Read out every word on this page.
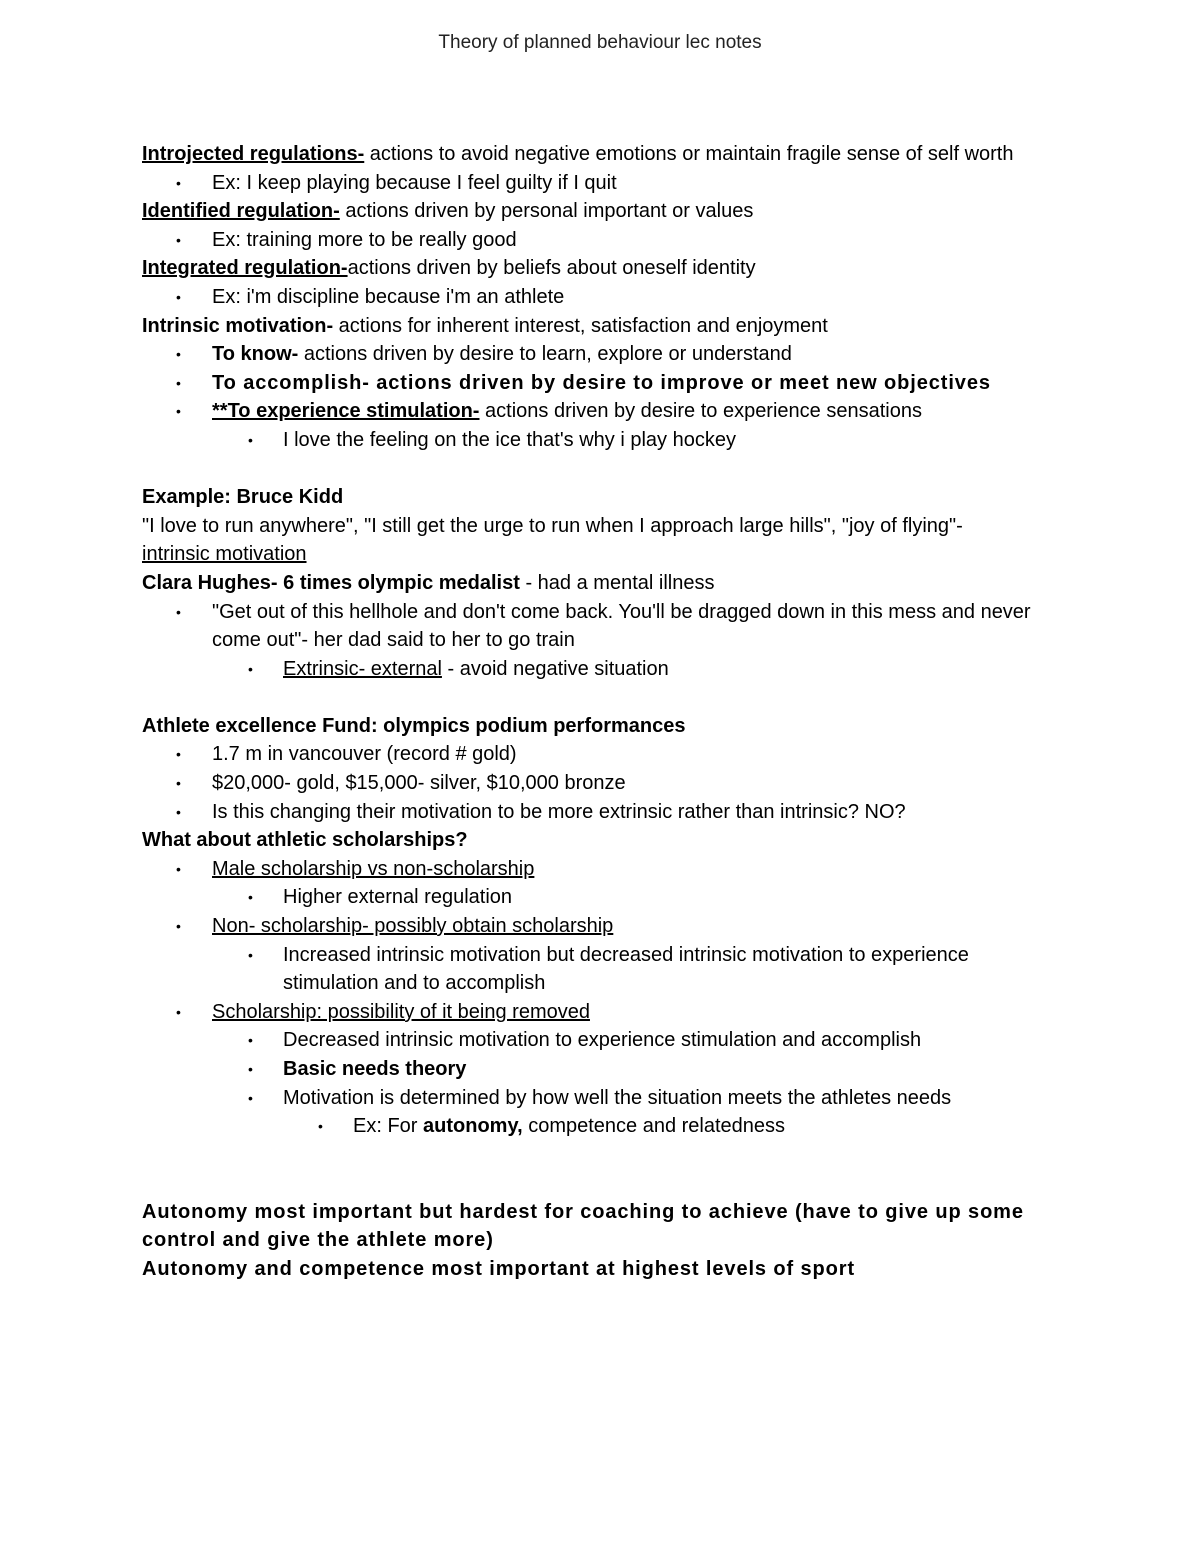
Theory of planned behaviour lec notes
Introjected regulations- actions to avoid negative emotions or maintain fragile sense of self worth
• Ex: I keep playing because I feel guilty if I quit
Identified regulation- actions driven by personal important or values
• Ex: training more to be really good
Integrated regulation-actions driven by beliefs about oneself identity
• Ex: i'm discipline because i'm an athlete
Intrinsic motivation- actions for inherent interest, satisfaction and enjoyment
• To know- actions driven by desire to learn, explore or understand
• To accomplish- actions driven by desire to improve or meet new objectives
• **To experience stimulation- actions driven by desire to experience sensations
• I love the feeling on the ice that's why i play hockey
Example: Bruce Kidd
"I love to run anywhere", "I still get the urge to run when I approach large hills", "joy of flying"-
intrinsic motivation
Clara Hughes- 6 times olympic medalist - had a mental illness
• "Get out of this hellhole and don't come back. You'll be dragged down in this mess and never come out"- her dad said to her to go train
• Extrinsic- external - avoid negative situation
Athlete excellence Fund: olympics podium performances
• 1.7 m in vancouver (record # gold)
• $20,000- gold, $15,000- silver, $10,000 bronze
• Is this changing their motivation to be more extrinsic rather than intrinsic? NO?
What about athletic scholarships?
• Male scholarship vs non-scholarship
• Higher external regulation
• Non- scholarship- possibly obtain scholarship
• Increased intrinsic motivation but decreased intrinsic motivation to experience stimulation and to accomplish
• Scholarship: possibility of it being removed
• Decreased intrinsic motivation to experience stimulation and accomplish
• Basic needs theory
• Motivation is determined by how well the situation meets the athletes needs
• Ex: For autonomy, competence and relatedness
Autonomy most important but hardest for coaching to achieve (have to give up some control and give the athlete more)
Autonomy and competence most important at highest levels of sport
